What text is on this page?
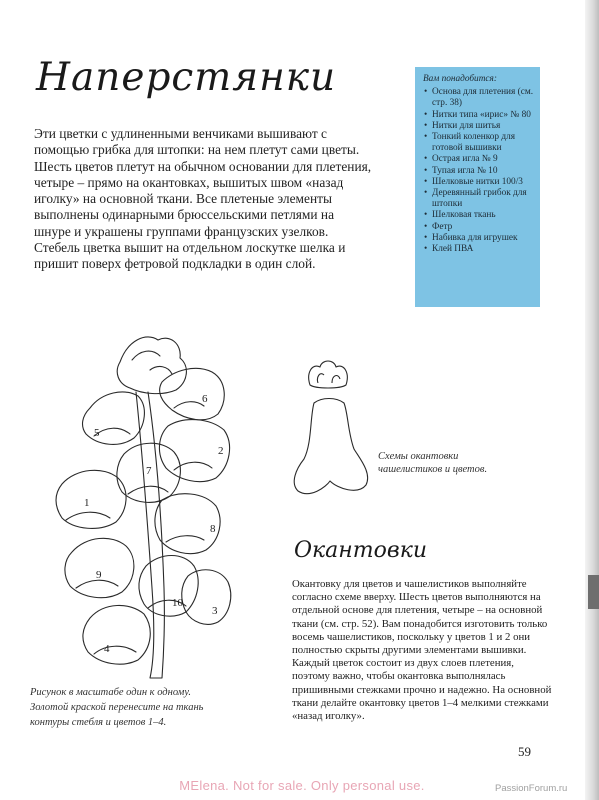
Наперстянки

Эти цветки с удлиненными венчиками вышивают с помощью грибка для штопки: на нем плетут сами цветы. Шесть цветов плетут на обычном основании для плетения, четыре – прямо на окантовках, вышитых швом «назад иголку» на основной ткани. Все плетеные элементы выполнены одинарными брюссельскими петлями на шнуре и украшены группами французских узелков. Стебель цветка вышит на отдельном лоскутке шелка и пришит поверх фетровой подкладки в один слой.

Вам понадобится:
• Основа для плетения (см. стр. 38)
• Нитки типа «ирис» № 80
• Нитки для шитья
• Тонкий коленкор для готовой вышивки
• Острая игла № 9
• Тупая игла № 10
• Шелковые нитки 100/3
• Деревянный грибок для штопки
• Шелковая ткань
• Фетр
• Набивка для игрушек
• Клей ПВА
1
2
3
4
5
6
7
8
9
10
Схемы окантовки чашелистиков и цветов.
Окантовки

Окантовку для цветов и чашелистиков выполняйте согласно схеме вверху. Шесть цветов выполняются на отдельной основе для плетения, четыре – на основной ткани (см. стр. 52). Вам понадобится изготовить только восемь чашелистиков, поскольку у цветов 1 и 2 они полностью скрыты другими элементами вышивки. Каждый цветок состоит из двух слоев плетения, поэтому важно, чтобы окантовка выполнялась пришивными стежками прочно и надежно. На основной ткани делайте окантовку цветов 1–4 мелкими стежками «назад иголку».

Рисунок в масштабе один к одному. Золотой краской перенесите на ткань контуры стебля и цветов 1–4.
59
MElena. Not for sale. Only personal use.	PassionForum.ru
